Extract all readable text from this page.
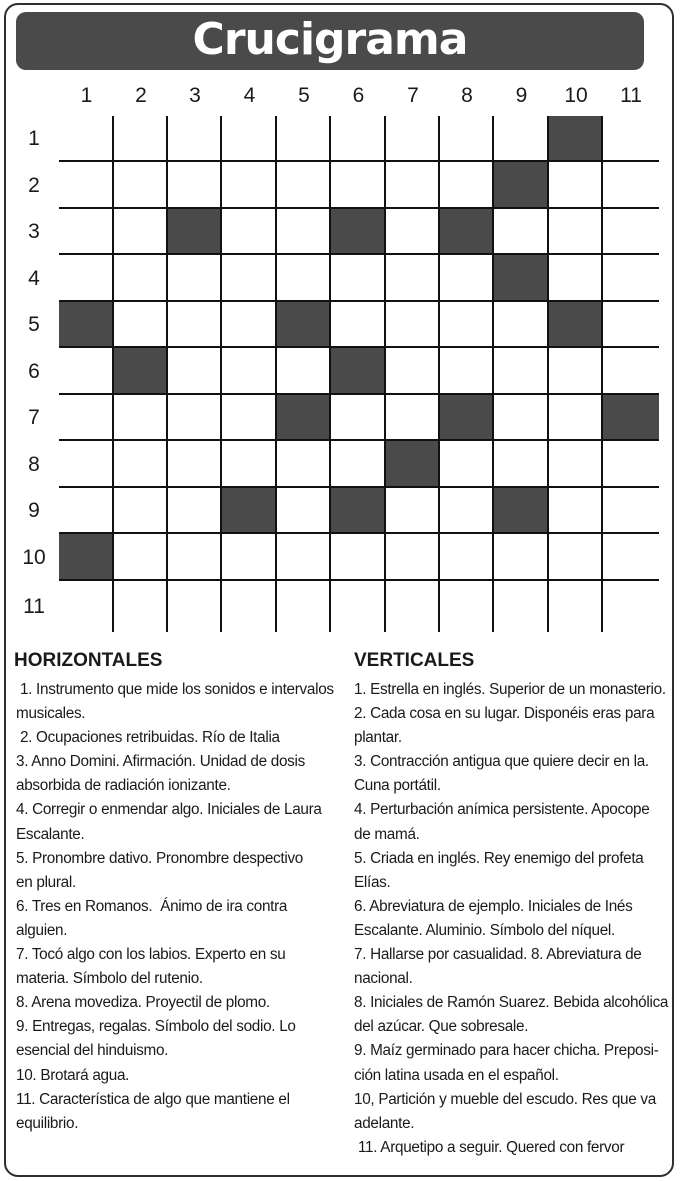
Crucigrama
1	2	3	4	5	6	7	8	9	10	11
1
2
3
4
5
6
7
8
9
10
11
HORIZONTALES	VERTICALES

1. Instrumento que mide los sonidos e intervalos

musicales.

2. Ocupaciones retribuidas. Río de Italia

3. Anno Domini. Afirmación. Unidad de dosis

absorbida de radiación ionizante.

4. Corregir o enmendar algo. Iniciales de Laura

Escalante.

5. Pronombre dativo. Pronombre despectivo

en plural.

6. Tres en Romanos.  Ánimo de ira contra

alguien.

7. Tocó algo con los labios. Experto en su

materia. Símbolo del rutenio.

8. Arena movediza. Proyectil de plomo.

9. Entregas, regalas. Símbolo del sodio. Lo

esencial del hinduismo.

10. Brotará agua.

11. Característica de algo que mantiene el

equilibrio.

1. Estrella en inglés. Superior de un monasterio.

2. Cada cosa en su lugar. Disponéis eras para

plantar.

3. Contracción antigua que quiere decir en la.

Cuna portátil.

4. Perturbación anímica persistente. Apocope

de mamá.

5. Criada en inglés. Rey enemigo del profeta

Elías.

6. Abreviatura de ejemplo. Iniciales de Inés

Escalante. Aluminio. Símbolo del níquel.

7. Hallarse por casualidad. 8. Abreviatura de

nacional.

8. Iniciales de Ramón Suarez. Bebida alcohólica

del azúcar. Que sobresale.

9. Maíz germinado para hacer chicha. Preposi-

ción latina usada en el español.

10, Partición y mueble del escudo. Res que va

adelante.

11. Arquetipo a seguir. Quered con fervor
